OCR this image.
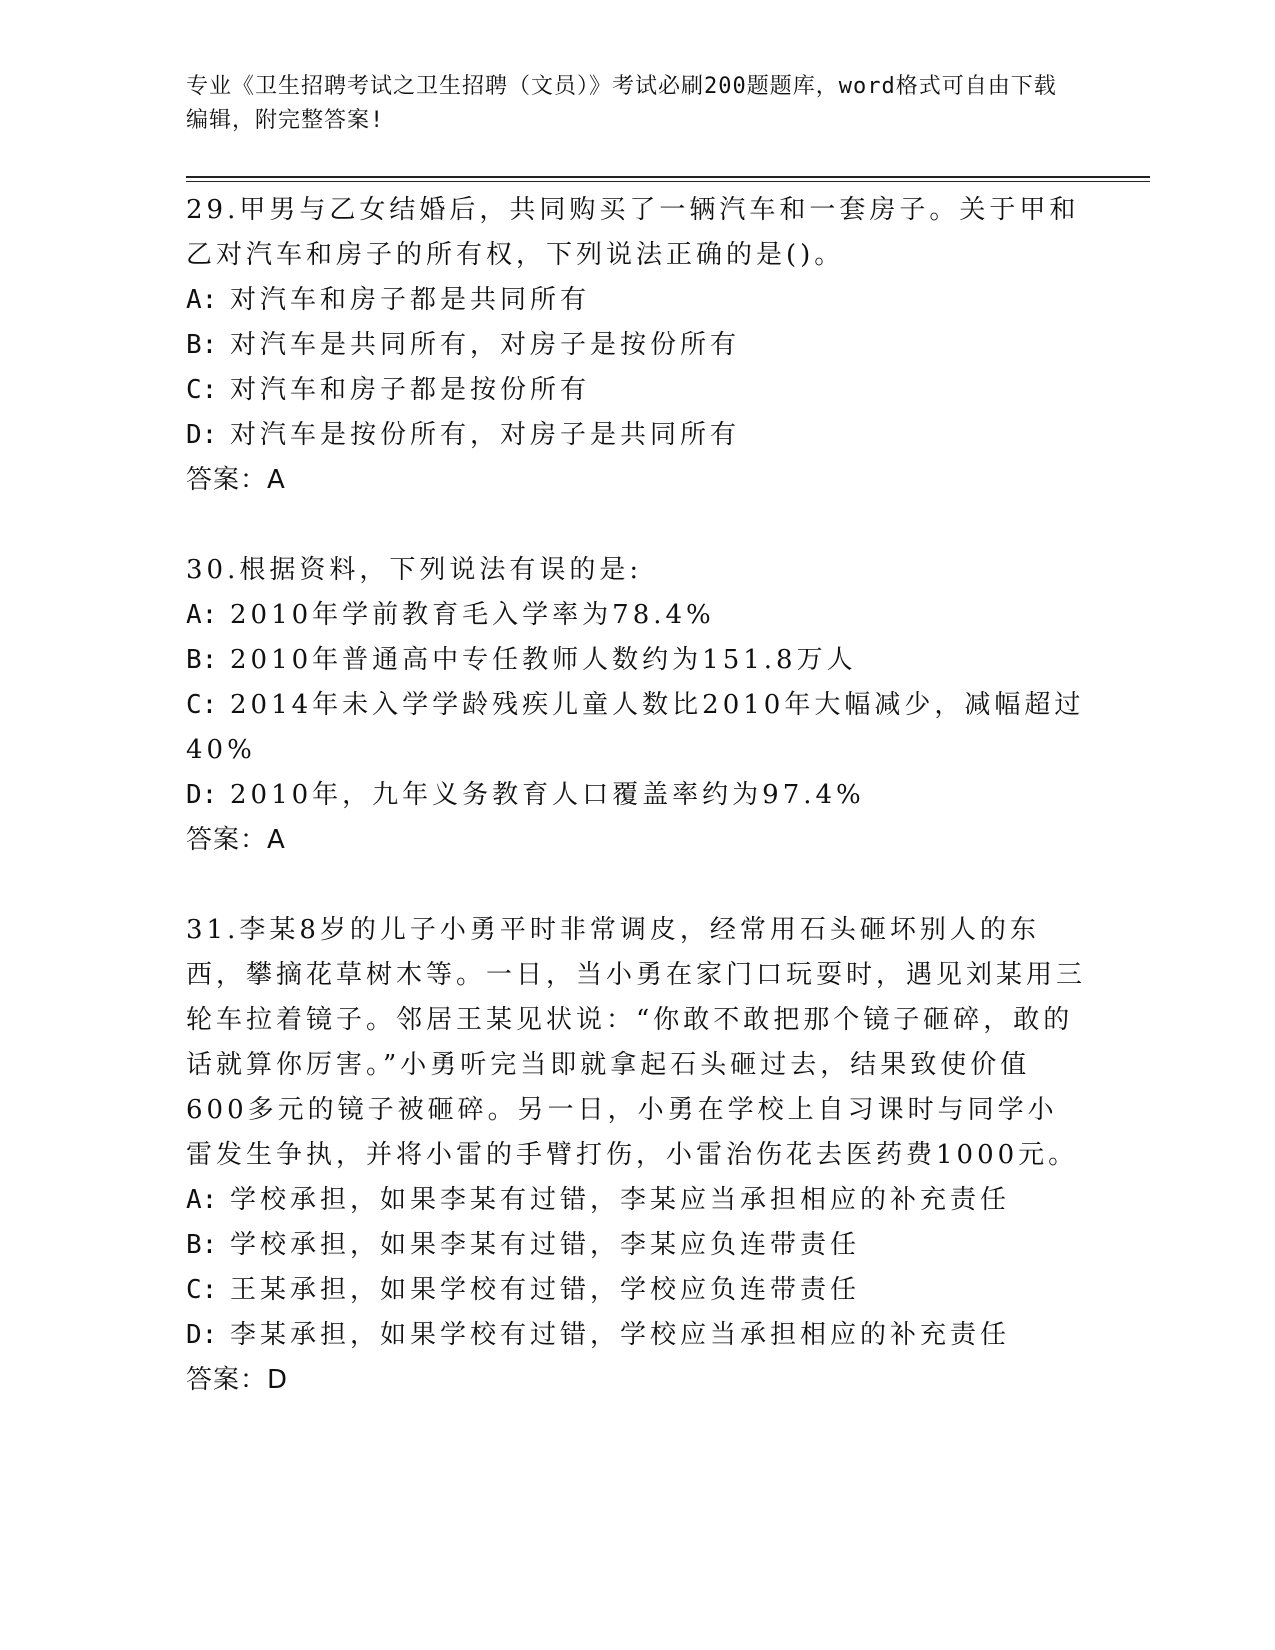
专业《卫生招聘考试之卫生招聘（文员）》考试必刷200题题库，word格式可自由下载编辑，附完整答案!

29.甲男与乙女结婚后，共同购买了一辆汽车和一套房子。关于甲和乙对汽车和房子的所有权，下列说法正确的是()。

A: 对汽车和房子都是共同所有

B: 对汽车是共同所有，对房子是按份所有

C: 对汽车和房子都是按份所有

D: 对汽车是按份所有，对房子是共同所有

答案：A

30.根据资料，下列说法有误的是:

A: 2010年学前教育毛入学率为78.4%

B: 2010年普通高中专任教师人数约为151.8万人

C: 2014年未入学学龄残疾儿童人数比2010年大幅减少，减幅超过40%

D: 2010年，九年义务教育人口覆盖率约为97.4%

答案：A

31.李某8岁的儿子小勇平时非常调皮，经常用石头砸坏别人的东西，攀摘花草树木等。一日，当小勇在家门口玩耍时，遇见刘某用三轮车拉着镜子。邻居王某见状说：“你敢不敢把那个镜子砸碎，敢的话就算你厉害。”小勇听完当即就拿起石头砸过去，结果致使价值600多元的镜子被砸碎。另一日，小勇在学校上自习课时与同学小雷发生争执，并将小雷的手臂打伤，小雷治伤花去医药费1000元。

A: 学校承担，如果李某有过错，李某应当承担相应的补充责任

B: 学校承担，如果李某有过错，李某应负连带责任

C: 王某承担，如果学校有过错，学校应负连带责任

D: 李某承担，如果学校有过错，学校应当承担相应的补充责任

答案：D
